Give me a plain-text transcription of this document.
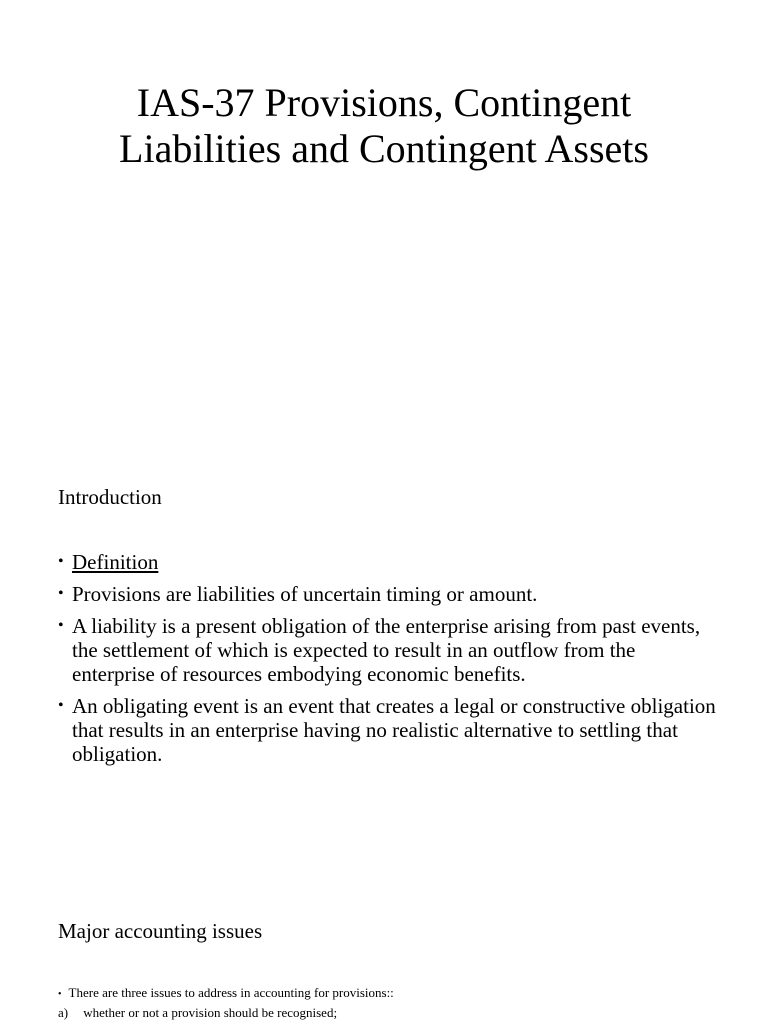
IAS-37 Provisions, Contingent Liabilities and Contingent Assets
Introduction
• Definition
• Provisions are liabilities of uncertain timing or amount.
• A liability is a present obligation of the enterprise arising from past events, the settlement of which is expected to result in an outflow from the enterprise of resources embodying economic benefits.
• An obligating event is an event that creates a legal or constructive obligation that results in an enterprise having no realistic alternative to settling that obligation.
Major accounting issues
• There are three issues to address in accounting for provisions::
a) whether or not a provision should be recognised;
